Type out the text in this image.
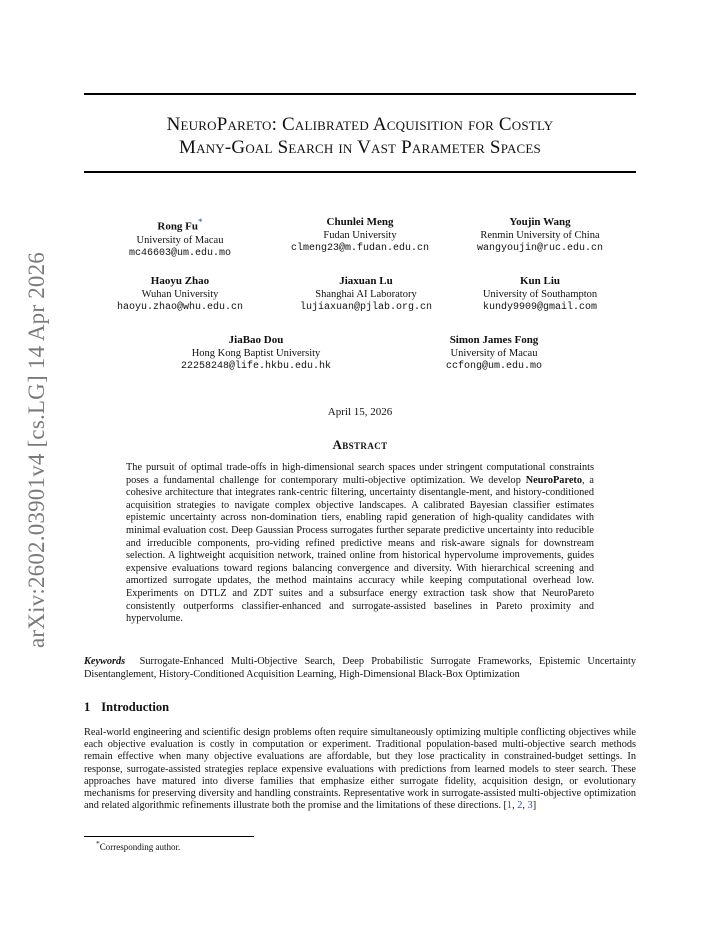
arXiv:2602.03901v4 [cs.LG] 14 Apr 2026
NeuroPareto: Calibrated Acquisition for Costly
Many-Goal Search in Vast Parameter Spaces
Rong Fu*
University of Macau
mc46603@um.edu.mo
Chunlei Meng
Fudan University
clmeng23@m.fudan.edu.cn
Youjin Wang
Renmin University of China
wangyoujin@ruc.edu.cn
Haoyu Zhao
Wuhan University
haoyu.zhao@whu.edu.cn
Jiaxuan Lu
Shanghai AI Laboratory
lujiaxuan@pjlab.org.cn
Kun Liu
University of Southampton
kundy9909@gmail.com
JiaBao Dou
Hong Kong Baptist University
22258248@life.hkbu.edu.hk
Simon James Fong
University of Macau
ccfong@um.edu.mo
April 15, 2026
Abstract
The pursuit of optimal trade-offs in high-dimensional search spaces under stringent computational constraints poses a fundamental challenge for contemporary multi-objective optimization. We develop NeuroPareto, a cohesive architecture that integrates rank-centric filtering, uncertainty disentangle-ment, and history-conditioned acquisition strategies to navigate complex objective landscapes. A calibrated Bayesian classifier estimates epistemic uncertainty across non-domination tiers, enabling rapid generation of high-quality candidates with minimal evaluation cost. Deep Gaussian Process surrogates further separate predictive uncertainty into reducible and irreducible components, pro-viding refined predictive means and risk-aware signals for downstream selection. A lightweight acquisition network, trained online from historical hypervolume improvements, guides expensive evaluations toward regions balancing convergence and diversity. With hierarchical screening and amortized surrogate updates, the method maintains accuracy while keeping computational overhead low. Experiments on DTLZ and ZDT suites and a subsurface energy extraction task show that NeuroPareto consistently outperforms classifier-enhanced and surrogate-assisted baselines in Pareto proximity and hypervolume.
Keywords Surrogate-Enhanced Multi-Objective Search, Deep Probabilistic Surrogate Frameworks, Epistemic Uncertainty Disentanglement, History-Conditioned Acquisition Learning, High-Dimensional Black-Box Optimization
1 Introduction
Real-world engineering and scientific design problems often require simultaneously optimizing multiple conflicting objectives while each objective evaluation is costly in computation or experiment. Traditional population-based multi-objective search methods remain effective when many objective evaluations are affordable, but they lose practicality in constrained-budget settings. In response, surrogate-assisted strategies replace expensive evaluations with predictions from learned models to steer search. These approaches have matured into diverse families that emphasize either surrogate fidelity, acquisition design, or evolutionary mechanisms for preserving diversity and handling constraints. Representative work in surrogate-assisted multi-objective optimization and related algorithmic refinements illustrate both the promise and the limitations of these directions. [1, 2, 3]
*Corresponding author.
